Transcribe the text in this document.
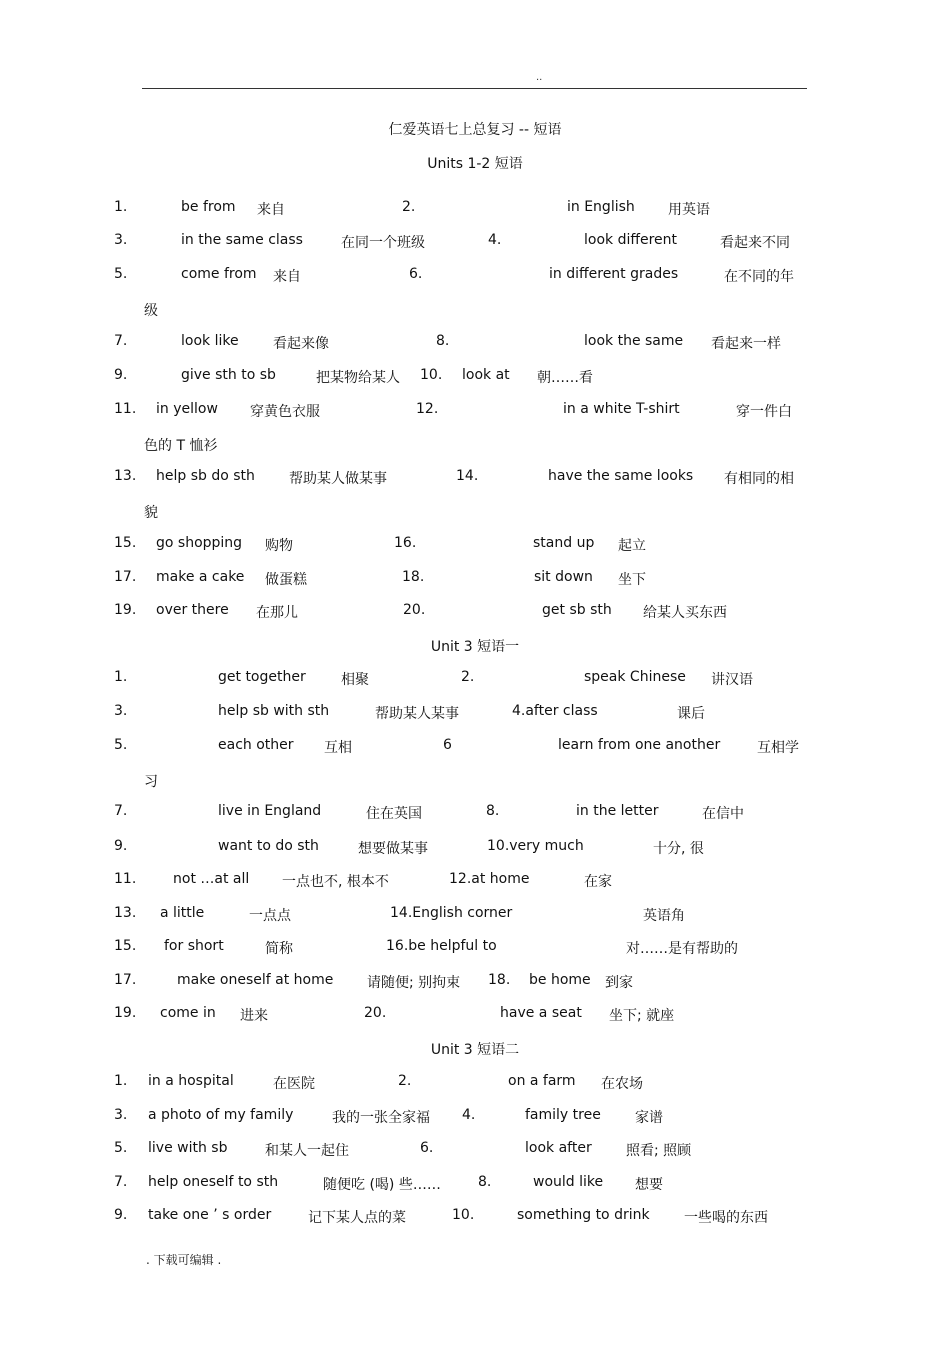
..
仁爱英语七上总复习 -- 短语
Units 1-2 短语
1.	be from 来自	2.	in English 用英语
3.	in the same class	在同一个班级	4.	look different	看起来不同
5.	come from 来自	6.	in different grades	在不同的年
级
7.	look like 看起来像	8.	look the same 看起来一样
9.	give sth to sb	把某物给某人 10. look at 朝……看
11. in yellow 穿黄色衣服	12.	in a white T-shirt	穿一件白
色的 T 恤衫
13. help sb do sth 帮助某人做某事	14.	have the same looks 有相同的相
貌
15. go shopping 购物	16.	stand up 起立
17. make a cake 做蛋糕	18.	sit down 坐下
19. over there 在那儿	20.	get sb sth 给某人买东西
Unit 3 短语一
1.	get together	相聚	2.	speak Chinese 讲汉语
3.	help sb with sth	帮助某人某事	4.after class	课后
5.	each other 互相	6	learn from one another	互相学
习
7.	live in England	住在英国	8.	in the letter	在信中
9.	want to do sth	想要做某事	10.very much	十分, 很
11.	not …at all 一点也不, 根本不	12.at home	在家
13. a little	一点点	14.English corner	英语角
15. for short	简称	16.be helpful to	对……是有帮助的
17.	make oneself at home 请随便; 别拘束 18. be home 到家
19. come in 进来	20.	have a seat 坐下; 就座
Unit 3 短语二
1. in a hospital	在医院	2.	on a farm 在农场
3. a photo of my family	我的一张全家福 4.	family tree 家谱
5. live with sb	和某人一起住	6.	look after 照看; 照顾
7. help oneself to sth	随便吃 (喝) 些……	8.	would like 想要
9. take one ’ s order	记下某人点的菜	10.	something to drink 一些喝的东西
. 下载可编辑 .
